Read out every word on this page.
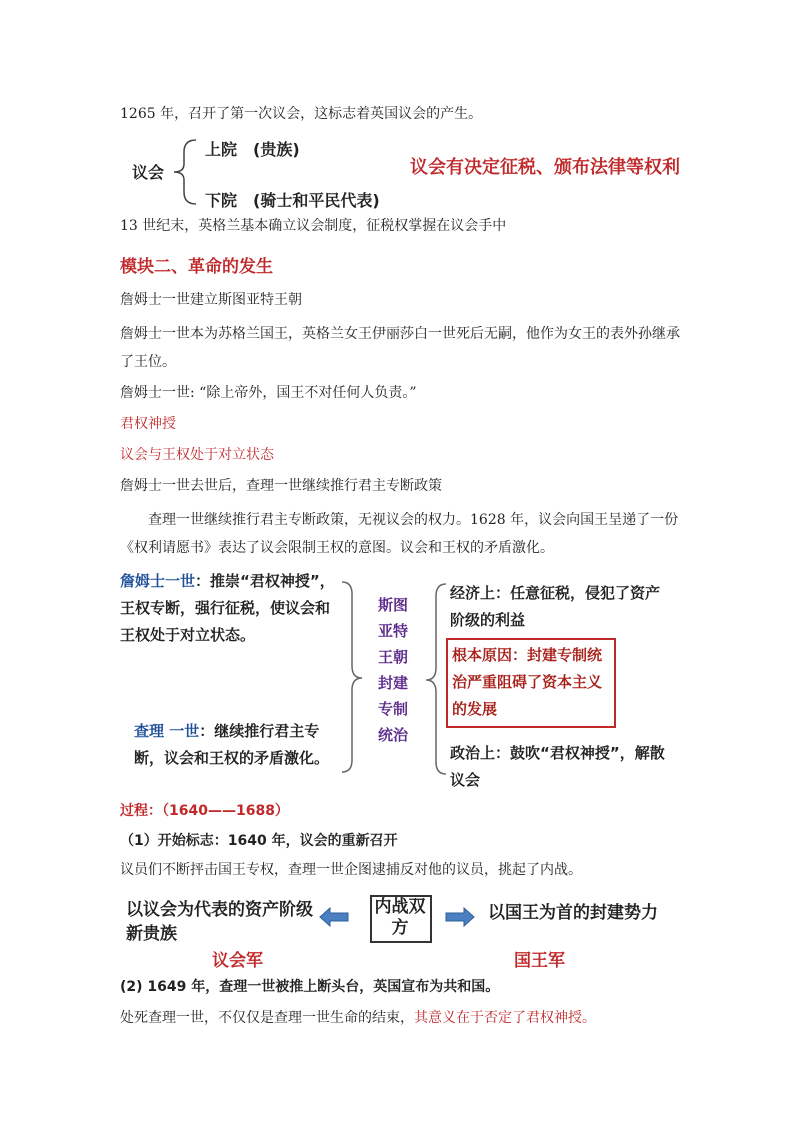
1265 年，召开了第一次议会，这标志着英国议会的产生。
议会
上院　(贵族)
下院　(骑士和平民代表)
议会有决定征税、颁布法律等权利
13 世纪末，英格兰基本确立议会制度，征税权掌握在议会手中
模块二、革命的发生
詹姆士一世建立斯图亚特王朝
詹姆士一世本为苏格兰国王，英格兰女王伊丽莎白一世死后无嗣，他作为女王的表外孙继承了王位。
詹姆士一世: “除上帝外，国王不对任何人负责。”
君权神授
议会与王权处于对立状态
詹姆士一世去世后，查理一世继续推行君主专断政策
查理一世继续推行君主专断政策，无视议会的权力。1628 年，议会向国王呈递了一份《权利请愿书》表达了议会限制王权的意图。议会和王权的矛盾激化。
詹姆士一世：推崇“君权神授”，王权专断，强行征税，使议会和王权处于对立状态。
查理 一世：继续推行君主专断，议会和王权的矛盾激化。
斯图亚特王朝封建专制统治
经济上：任意征税，侵犯了资产阶级的利益
根本原因：封建专制统治严重阻碍了资本主义的发展
政治上：鼓吹“君权神授”，解散议会
过程：（1640——1688）
（1）开始标志：1640 年，议会的重新召开
议员们不断抨击国王专权，查理一世企图逮捕反对他的议员，挑起了内战。
以议会为代表的资产阶级新贵族
内战双方
以国王为首的封建势力
议会军	国王军
(2) 1649 年，查理一世被推上断头台，英国宣布为共和国。
处死查理一世，不仅仅是查理一世生命的结束，其意义在于否定了君权神授。
